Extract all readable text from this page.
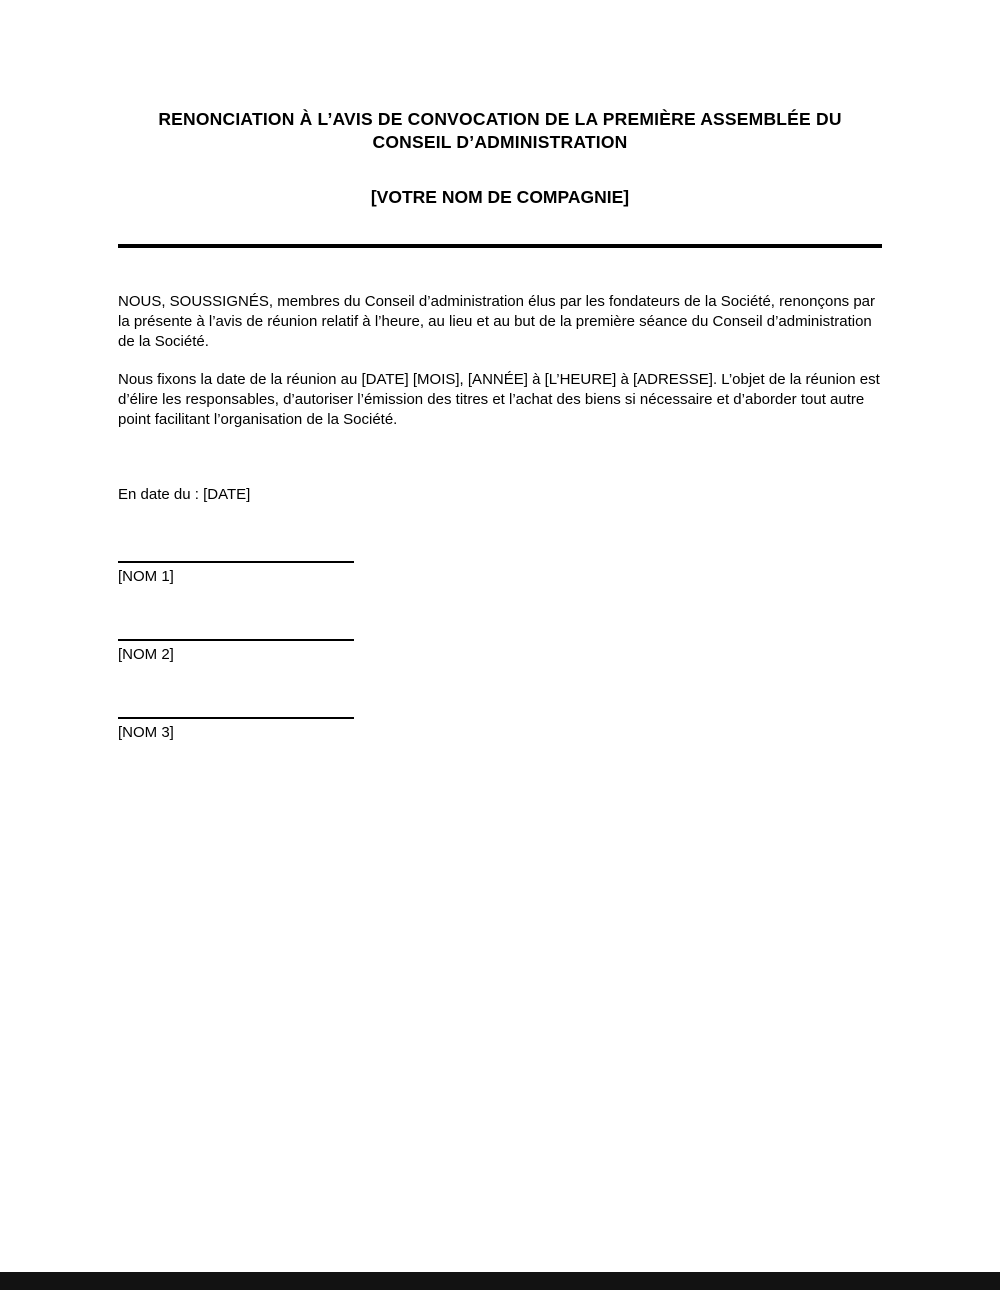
RENONCIATION À L’AVIS DE CONVOCATION DE LA PREMIÈRE ASSEMBLÉE DU CONSEIL D’ADMINISTRATION
[VOTRE NOM DE COMPAGNIE]

NOUS, SOUSSIGNÉS, membres du Conseil d’administration élus par les fondateurs de la Société, renonçons par la présente à l’avis de réunion relatif à l’heure, au lieu et au but de la première séance du Conseil d’administration de la Société.

Nous fixons la date de la réunion au [DATE] [MOIS], [ANNÉE] à [L’HEURE] à [ADRESSE]. L’objet de la réunion est d’élire les responsables, d’autoriser l’émission des titres et l’achat des biens si nécessaire et d’aborder tout autre point facilitant l’organisation de la Société.

En date du : [DATE]
[NOM 1]
[NOM 2]
[NOM 3]
